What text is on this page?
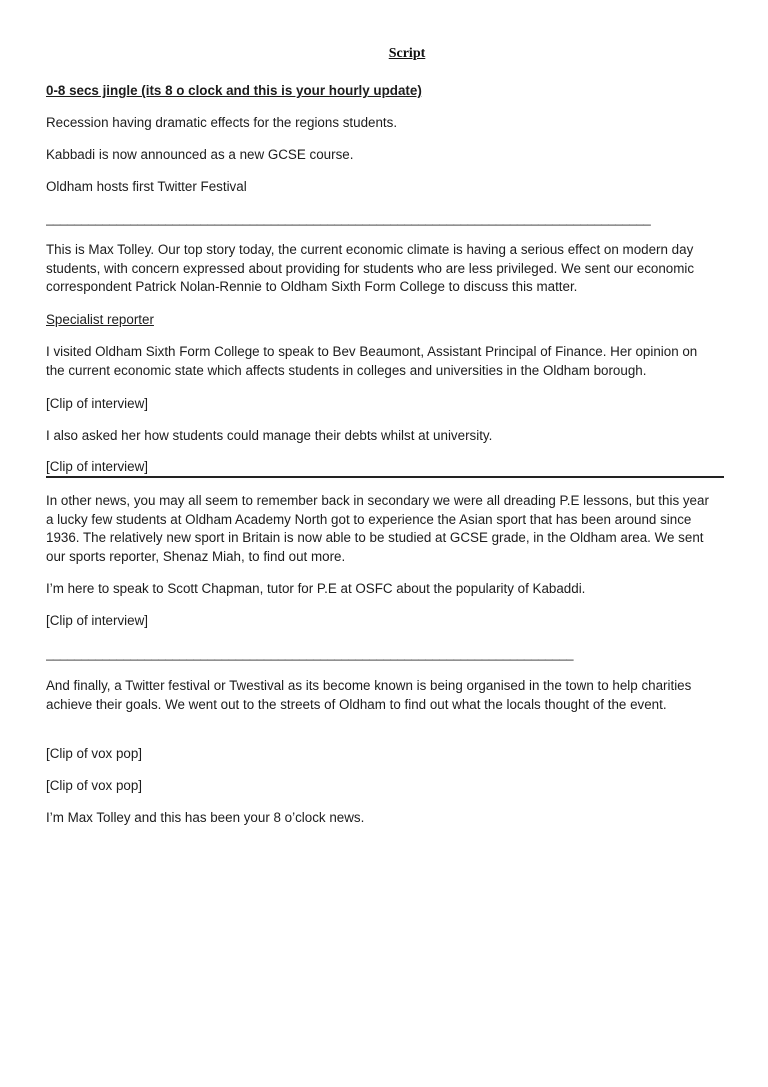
Script
0-8 secs jingle (its 8 o clock and this is your hourly update)
Recession having dramatic effects for the regions students.
Kabbadi is now announced as a new GCSE course.
Oldham hosts first Twitter Festival
______________________________________________________________________________________
This is Max Tolley. Our top story today, the current economic climate is having a serious effect on modern day students, with concern expressed about providing for students who are less privileged. We sent our economic correspondent Patrick Nolan-Rennie to Oldham Sixth Form College to discuss this matter.
Specialist reporter
I visited Oldham Sixth Form College to speak to Bev Beaumont, Assistant Principal of Finance. Her opinion on the current economic state which affects students in colleges and universities in the Oldham borough.
[Clip of interview]
I also asked her how students could manage their debts whilst at university.
[Clip of interview]
In other news, you may all seem to remember back in secondary we were all dreading P.E lessons, but this year a lucky few students at Oldham Academy North got to experience the Asian sport that has been around since 1936. The relatively new sport in Britain is now able to be studied at GCSE grade, in the Oldham area. We sent our sports reporter, Shenaz Miah, to find out more.
I’m here to speak to Scott Chapman, tutor for P.E at OSFC about the popularity of Kabaddi.
[Clip of interview]
___________________________________________________________________________
And finally, a Twitter festival or Twestival as its become known is being organised in the town to help charities achieve their goals. We went out to the streets of Oldham to find out what the locals thought of the event.
[Clip of vox pop]
[Clip of vox pop]
I’m Max Tolley and this has been your 8 o’clock news.
